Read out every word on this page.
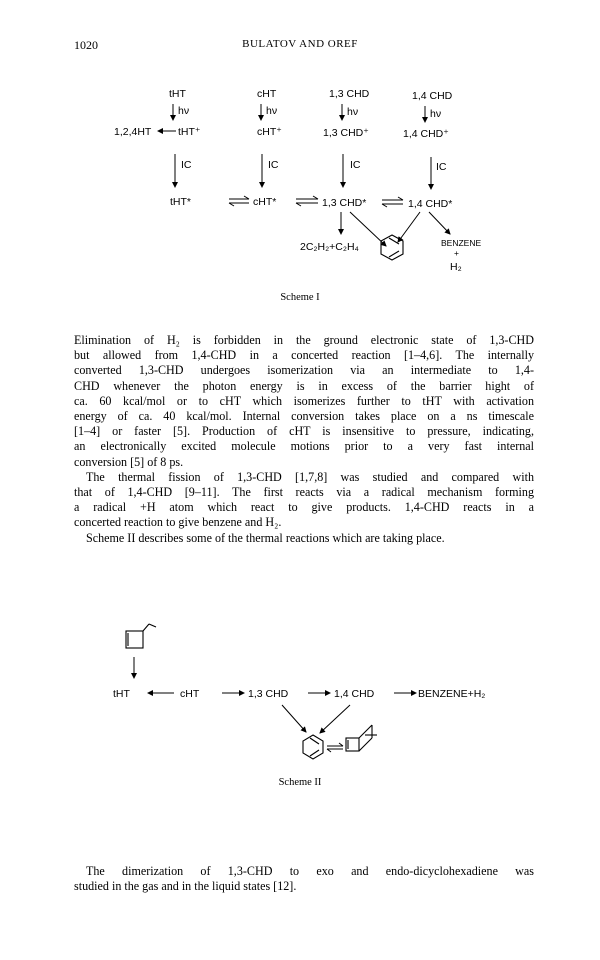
1020	BULATOV AND OREF
tHT	cHT	1,3 CHD	1,4 CHD
hν	hν	hν	hν
1,2,4HT	tHT⁺	cHT⁺	1,3 CHD⁺	1,4 CHD⁺
IC	IC	IC	IC
tHT*	cHT*	1,3 CHD*	1,4 CHD*
2C₂H₂+C₂H₄	BENZENE
+
H₂
Scheme I
Elimination of H₂ is forbidden in the ground electronic state of 1,3-CHD
but allowed from 1,4-CHD in a concerted reaction [1–4,6]. The internally
converted 1,3-CHD undergoes isomerization via an intermediate to 1,4-
CHD whenever the photon energy is in excess of the barrier hight of
ca. 60 kcal/mol or to cHT which isomerizes further to tHT with activation
energy of ca. 40 kcal/mol. Internal conversion takes place on a ns timescale
[1–4] or faster [5]. Production of cHT is insensitive to pressure, indicating,
an electronically excited molecule motions prior to a very fast internal
conversion [5] of 8 ps.
The thermal fission of 1,3-CHD [1,7,8] was studied and compared with
that of 1,4-CHD [9–11]. The first reacts via a radical mechanism forming
a radical +H atom which react to give products. 1,4-CHD reacts in a
concerted reaction to give benzene and H₂.
Scheme II describes some of the thermal reactions which are taking place.
tHT	cHT	1,3 CHD	1,4 CHD	BENZENE+H₂
Scheme II
The dimerization of 1,3-CHD to exo and endo-dicyclohexadiene was
studied in the gas and in the liquid states [12].
